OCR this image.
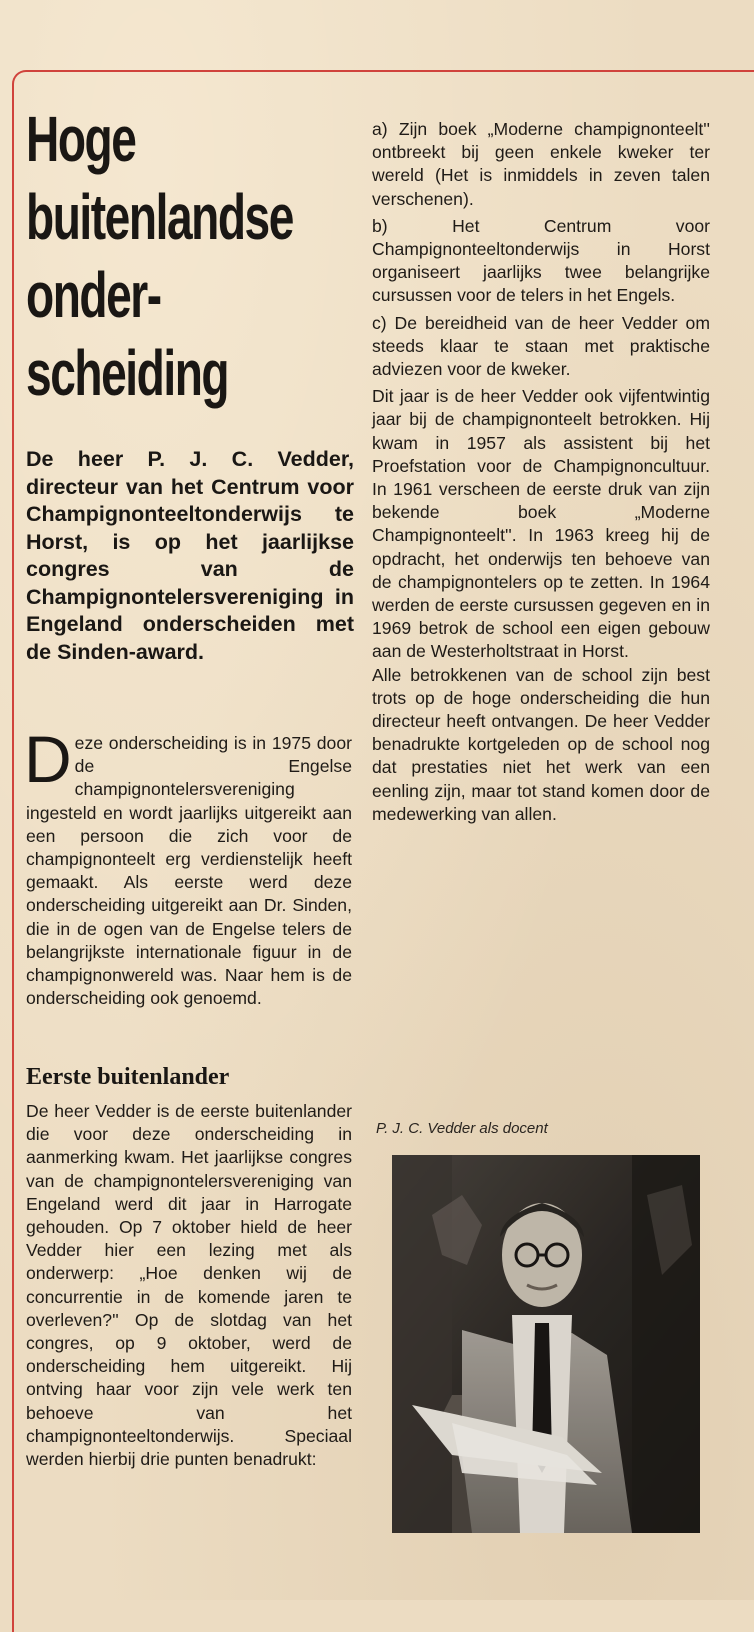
Hoge
buitenlandse
onder-
scheiding

De heer P. J. C. Vedder, directeur van het Centrum voor Champignonteeltonderwijs te Horst, is op het jaarlijkse congres van de Champignontelersvereniging in Engeland onderscheiden met de Sinden-award.

Deze onderscheiding is in 1975 door de Engelse champignontelersvereniging ingesteld en wordt jaarlijks uitgereikt aan een persoon die zich voor de champignonteelt erg verdienstelijk heeft gemaakt. Als eerste werd deze onderscheiding uitgereikt aan Dr. Sinden, die in de ogen van de Engelse telers de belangrijkste internationale figuur in de champignonwereld was. Naar hem is de onderscheiding ook genoemd.

Eerste buitenlander

De heer Vedder is de eerste buitenlander die voor deze onderscheiding in aanmerking kwam. Het jaarlijkse congres van de champignontelersvereniging van Engeland werd dit jaar in Harrogate gehouden. Op 7 oktober hield de heer Vedder hier een lezing met als onderwerp: „Hoe denken wij de concurrentie in de komende jaren te overleven?'' Op de slotdag van het congres, op 9 oktober, werd de onderscheiding hem uitgereikt. Hij ontving haar voor zijn vele werk ten behoeve van het champignonteeltonderwijs. Speciaal werden hierbij drie punten benadrukt:

a) Zijn boek „Moderne champignonteelt'' ontbreekt bij geen enkele kweker ter wereld (Het is inmiddels in zeven talen verschenen).

b) Het Centrum voor Champignonteeltonderwijs in Horst organiseert jaarlijks twee belangrijke cursussen voor de telers in het Engels.

c) De bereidheid van de heer Vedder om steeds klaar te staan met praktische adviezen voor de kweker.

Dit jaar is de heer Vedder ook vijfentwintig jaar bij de champignonteelt betrokken. Hij kwam in 1957 als assistent bij het Proefstation voor de Champignoncultuur. In 1961 verscheen de eerste druk van zijn bekende boek „Moderne Champignonteelt''. In 1963 kreeg hij de opdracht, het onderwijs ten behoeve van de champignontelers op te zetten. In 1964 werden de eerste cursussen gegeven en in 1969 betrok de school een eigen gebouw aan de Westerholtstraat in Horst.

Alle betrokkenen van de school zijn best trots op de hoge onderscheiding die hun directeur heeft ontvangen. De heer Vedder benadrukte kortgeleden op de school nog dat prestaties niet het werk van een eenling zijn, maar tot stand komen door de medewerking van allen.

P. J. C. Vedder als docent
